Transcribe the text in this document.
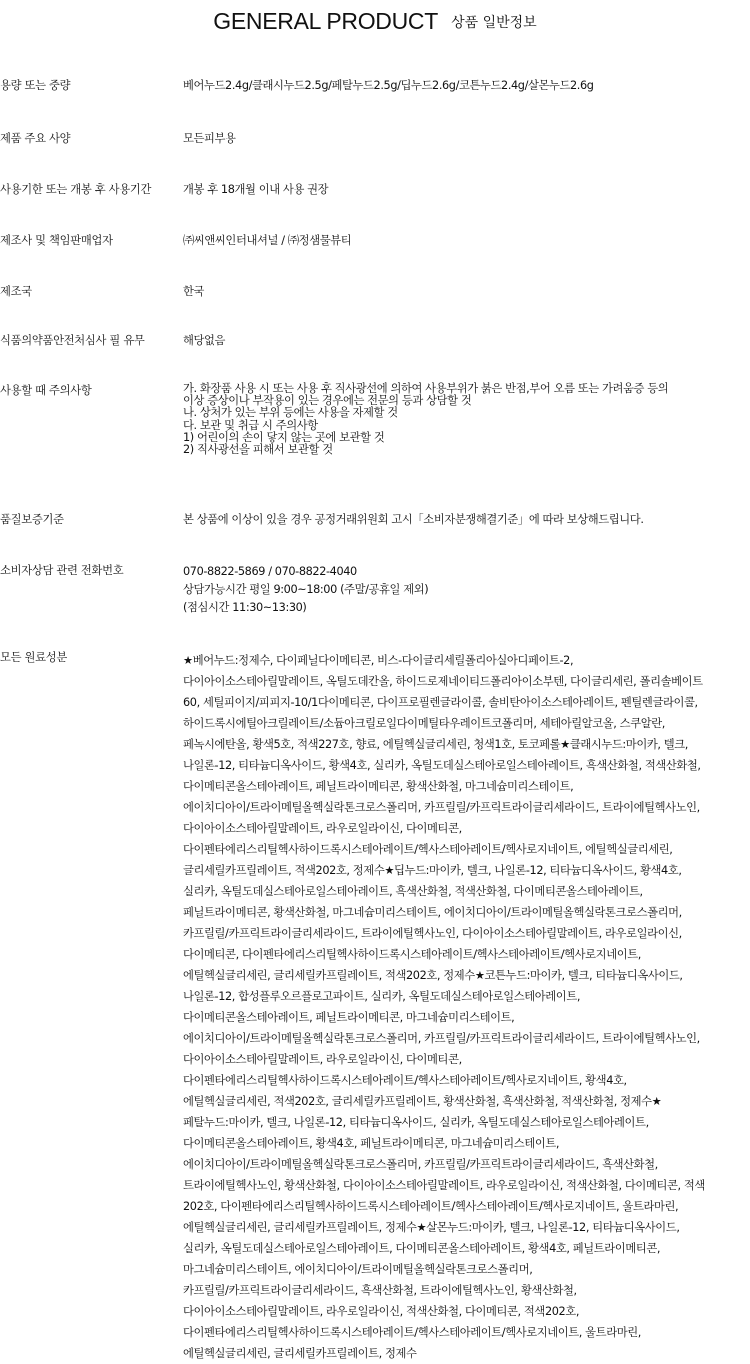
GENERAL PRODUCT 상품 일반정보
용량 또는 중량	베어누드2.4g/클래시누드2.5g/페탈누드2.5g/딥누드2.6g/코튼누드2.4g/살몬누드2.6g
제품 주요 사양	모든피부용
사용기한 또는 개봉 후 사용기간	개봉 후 18개월 이내 사용 권장
제조사 및 책임판매업자	㈜씨앤씨인터내셔널 / ㈜정샘물뷰티
제조국	한국
식품의약품안전처심사 필 유무	해당없음
사용할 때 주의사항	가. 화장품 사용 시 또는 사용 후 직사광선에 의하여 사용부위가 붉은 반점,부어 오름 또는 가려움증 등의
이상 증상이나 부작용이 있는 경우에는 전문의 등과 상담할 것
나. 상처가 있는 부위 등에는 사용을 자제할 것
다. 보관 및 취급 시 주의사항
1) 어린이의 손이 닿지 않는 곳에 보관할 것
2) 직사광선을 피해서 보관할 것
품질보증기준	본 상품에 이상이 있을 경우 공정거래위원회 고시「소비자분쟁해결기준」에 따라 보상해드립니다.
소비자상담 관련 전화번호	070-8822-5869 / 070-8822-4040
상담가능시간 평일 9:00~18:00 (주말/공휴일 제외)
(점심시간 11:30~13:30)
모든 원료성분	★베어누드:정제수, 다이페닐다이메티콘, 비스-다이글리세릴폴리아실아디페이트-2,
다이아이소스테아릴말레이트, 옥틸도데칸올, 하이드로제네이티드폴리아이소부텐, 다이글리세린, 폴리솔베이트
60, 세틸피이지/피피지-10/1다이메티콘, 다이프로필렌글라이콜, 솔비탄아이소스테아레이트, 펜틸렌글라이콜,
하이드록시에틸아크릴레이트/소듐아크릴로일다이메틸타우레이트코폴리머, 세테아릴알코올, 스쿠알란,
페녹시에탄올, 황색5호, 적색227호, 향료, 에틸헥실글리세린, 청색1호, 토코페롤★클래시누드:마이카, 텔크,
나일론-12, 티타늄디옥사이드, 황색4호, 실리카, 옥틸도데실스테아로일스테아레이트, 흑색산화철, 적색산화철,
다이메티콘올스테아레이트, 페닐트라이메티콘, 황색산화철, 마그네슘미리스테이트,
에이치디아이/트라이메틸올헥실락톤크로스폴리머, 카프릴릴/카프릭트라이글리세라이드, 트라이에틸헥사노인,
다이아이소스테아릴말레이트, 라우로일라이신, 다이메티콘,
다이펜타에리스리틸헥사하이드록시스테아레이트/헥사스테아레이트/헥사로지네이트, 에틸헥실글리세린,
글리세릴카프릴레이트, 적색202호, 정제수★딥누드:마이카, 텔크, 나일론-12, 티타늄디옥사이드, 황색4호,
실리카, 옥틸도데실스테아로일스테아레이트, 흑색산화철, 적색산화철, 다이메티콘올스테아레이트,
페닐트라이메티콘, 황색산화철, 마그네슘미리스테이트, 에이치디아이/트라이메틸올헥실락톤크로스폴리머,
카프릴릴/카프릭트라이글리세라이드, 트라이에틸헥사노인, 다이아이소스테아릴말레이트, 라우로일라이신,
다이메티콘, 다이펜타에리스리틸헥사하이드록시스테아레이트/헥사스테아레이트/헥사로지네이트,
에틸헥실글리세린, 글리세릴카프릴레이트, 적색202호, 정제수★코튼누드:마이카, 텔크, 티타늄디옥사이드,
나일론-12, 합성플루오르플로고파이트, 실리카, 옥틸도데실스테아로일스테아레이트,
다이메티콘올스테아레이트, 페닐트라이메티콘, 마그네슘미리스테이트,
에이치디아이/트라이메틸올헥실락톤크로스폴리머, 카프릴릴/카프릭트라이글리세라이드, 트라이에틸헥사노인,
다이아이소스테아릴말레이트, 라우로일라이신, 다이메티콘,
다이펜타에리스리틸헥사하이드록시스테아레이트/헥사스테아레이트/헥사로지네이트, 황색4호,
에틸헥실글리세린, 적색202호, 글리세릴카프릴레이트, 황색산화철, 흑색산화철, 적색산화철, 정제수★
페탈누드:마이카, 텔크, 나일론-12, 티타늄디옥사이드, 실리카, 옥틸도데실스테아로일스테아레이트,
다이메티콘올스테아레이트, 황색4호, 페닐트라이메티콘, 마그네슘미리스테이트,
에이치디아이/트라이메틸올헥실락톤크로스폴리머, 카프릴릴/카프릭트라이글리세라이드, 흑색산화철,
트라이에틸헥사노인, 황색산화철, 다이아이소스테아릴말레이트, 라우로일라이신, 적색산화철, 다이메티콘, 적색
202호, 다이펜타에리스리틸헥사하이드록시스테아레이트/헥사스테아레이트/헥사로지네이트, 울트라마린,
에틸헥실글리세린, 글리세릴카프릴레이트, 정제수★살몬누드:마이카, 텔크, 나일론-12, 티타늄디옥사이드,
실리카, 옥틸도데실스테아로일스테아레이트, 다이메티콘올스테아레이트, 황색4호, 페닐트라이메티콘,
마그네슘미리스테이트, 에이치디아이/트라이메틸올헥실락톤크로스폴리머,
카프릴릴/카프릭트라이글리세라이드, 흑색산화철, 트라이에틸헥사노인, 황색산화철,
다이아이소스테아릴말레이트, 라우로일라이신, 적색산화철, 다이메티콘, 적색202호,
다이펜타에리스리틸헥사하이드록시스테아레이트/헥사스테아레이트/헥사로지네이트, 울트라마린,
에틸헥실글리세린, 글리세릴카프릴레이트, 정제수
